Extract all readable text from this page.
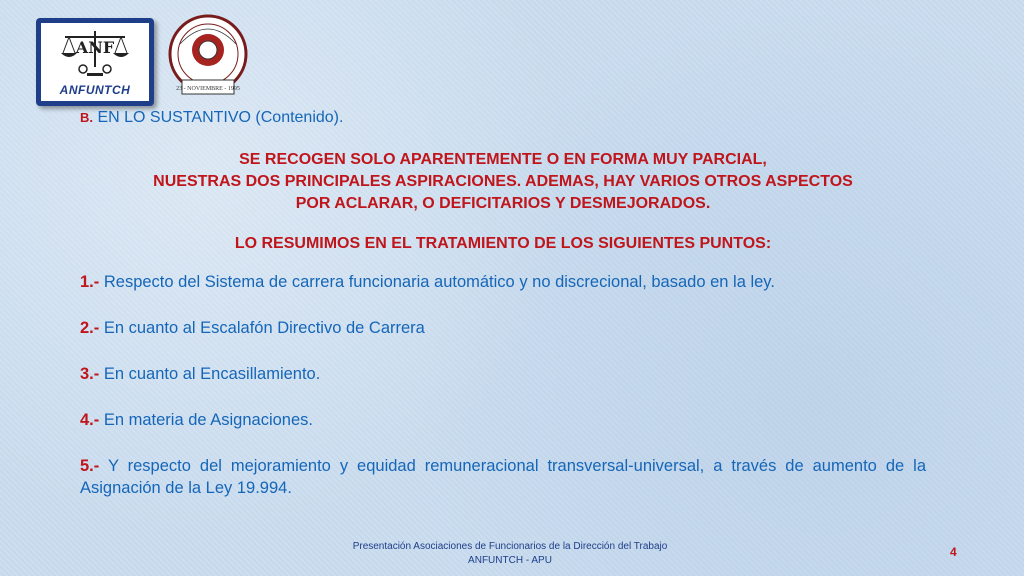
ANF
ANFUNTCH	23 - NOVIEMBRE - 1995

B. EN LO SUSTANTIVO (Contenido).

SE RECOGEN SOLO APARENTEMENTE O EN FORMA MUY PARCIAL,

NUESTRAS DOS PRINCIPALES ASPIRACIONES. ADEMAS, HAY VARIOS OTROS ASPECTOS

POR ACLARAR, O DEFICITARIOS Y DESMEJORADOS.

LO RESUMIMOS EN EL TRATAMIENTO DE LOS SIGUIENTES PUNTOS:

1.- Respecto del Sistema de carrera funcionaria automático y no discrecional, basado en la ley.

2.- En cuanto al Escalafón Directivo de Carrera

3.- En cuanto al Encasillamiento.

4.- En materia de Asignaciones.

5.- Y respecto del mejoramiento y equidad remuneracional transversal-universal, a través de aumento de la Asignación de la Ley 19.994.

Presentación Asociaciones de Funcionarios de la Dirección del Trabajo
ANFUNTCH - APU
4
